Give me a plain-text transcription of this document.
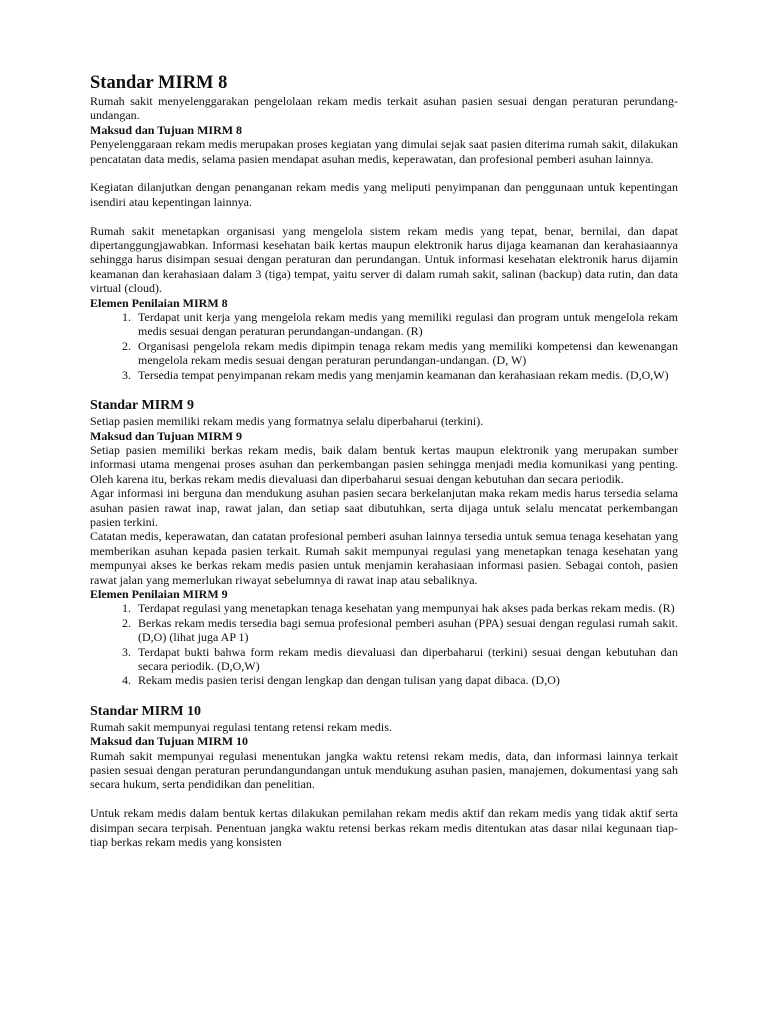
Standar MIRM 8

Rumah sakit menyelenggarakan pengelolaan rekam medis terkait asuhan pasien sesuai dengan peraturan perundang-undangan.

Maksud dan Tujuan MIRM 8

Penyelenggaraan rekam medis merupakan proses kegiatan yang dimulai sejak saat pasien diterima rumah sakit, dilakukan pencatatan data medis, selama pasien mendapat asuhan medis, keperawatan, dan profesional pemberi asuhan lainnya.

Kegiatan dilanjutkan dengan penanganan rekam medis yang meliputi penyimpanan dan penggunaan untuk kepentingan isendiri atau kepentingan lainnya.

Rumah sakit menetapkan organisasi yang mengelola sistem rekam medis yang tepat, benar, bernilai, dan dapat dipertanggungjawabkan. Informasi kesehatan baik kertas maupun elektronik harus dijaga keamanan dan kerahasiaannya sehingga harus disimpan sesuai dengan peraturan dan perundangan. Untuk informasi kesehatan elektronik harus dijamin keamanan dan kerahasiaan dalam 3 (tiga) tempat, yaitu server di dalam rumah sakit, salinan (backup) data rutin, dan data virtual (cloud).

Elemen Penilaian MIRM 8
1. Terdapat unit kerja yang mengelola rekam medis yang memiliki regulasi dan program untuk mengelola rekam medis sesuai dengan peraturan perundangan-undangan. (R)
2. Organisasi pengelola rekam medis dipimpin tenaga rekam medis yang memiliki kompetensi dan kewenangan mengelola rekam medis sesuai dengan peraturan perundangan-undangan. (D, W)
3. Tersedia tempat penyimpanan rekam medis yang menjamin keamanan dan kerahasiaan rekam medis. (D,O,W)
Standar MIRM 9

Setiap pasien memiliki rekam medis yang formatnya selalu diperbaharui (terkini).

Maksud dan Tujuan MIRM 9

Setiap pasien memiliki berkas rekam medis, baik dalam bentuk kertas maupun elektronik yang merupakan sumber informasi utama mengenai proses asuhan dan perkembangan pasien sehingga menjadi media komunikasi yang penting. Oleh karena itu, berkas rekam medis dievaluasi dan diperbaharui sesuai dengan kebutuhan dan secara periodik.

Agar informasi ini berguna dan mendukung asuhan pasien secara berkelanjutan maka rekam medis harus tersedia selama asuhan pasien rawat inap, rawat jalan, dan setiap saat dibutuhkan, serta dijaga untuk selalu mencatat perkembangan pasien terkini.

Catatan medis, keperawatan, dan catatan profesional pemberi asuhan lainnya tersedia untuk semua tenaga kesehatan yang memberikan asuhan kepada pasien terkait. Rumah sakit mempunyai regulasi yang menetapkan tenaga kesehatan yang mempunyai akses ke berkas rekam medis pasien untuk menjamin kerahasiaan informasi pasien. Sebagai contoh, pasien rawat jalan yang memerlukan riwayat sebelumnya di rawat inap atau sebaliknya.

Elemen Penilaian MIRM 9
1. Terdapat regulasi yang menetapkan tenaga kesehatan yang mempunyai hak akses pada berkas rekam medis. (R)
2. Berkas rekam medis tersedia bagi semua profesional pemberi asuhan (PPA) sesuai dengan regulasi rumah sakit. (D,O) (lihat juga AP 1)
3. Terdapat bukti bahwa form rekam medis dievaluasi dan diperbaharui (terkini) sesuai dengan kebutuhan dan secara periodik. (D,O,W)
4. Rekam medis pasien terisi dengan lengkap dan dengan tulisan yang dapat dibaca. (D,O)
Standar MIRM 10

Rumah sakit mempunyai regulasi tentang retensi rekam medis.

Maksud dan Tujuan MIRM 10

Rumah sakit mempunyai regulasi menentukan jangka waktu retensi rekam medis, data, dan informasi lainnya terkait pasien sesuai dengan peraturan perundangundangan untuk mendukung asuhan pasien, manajemen, dokumentasi yang sah secara hukum, serta pendidikan dan penelitian.

Untuk rekam medis dalam bentuk kertas dilakukan pemilahan rekam medis aktif dan rekam medis yang tidak aktif serta disimpan secara terpisah. Penentuan jangka waktu retensi berkas rekam medis ditentukan atas dasar nilai kegunaan tiap-tiap berkas rekam medis yang konsisten
